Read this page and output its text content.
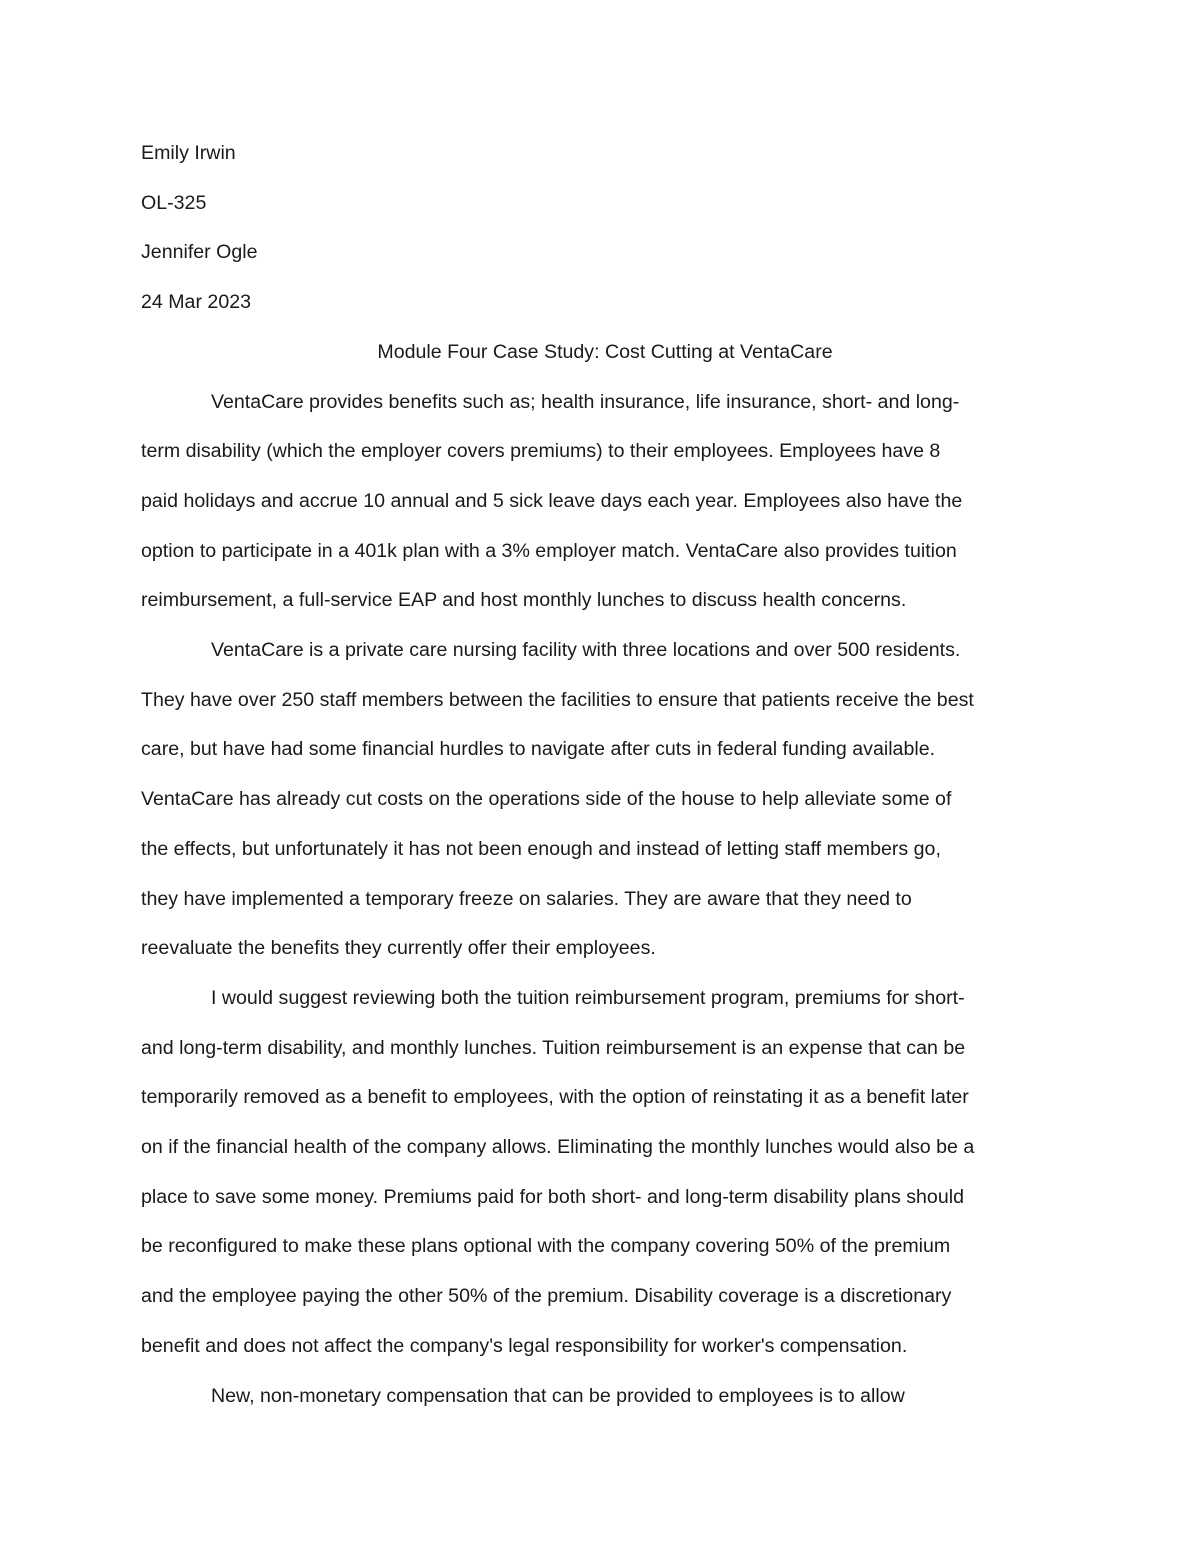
Emily Irwin
OL-325
Jennifer Ogle
24 Mar 2023
Module Four Case Study: Cost Cutting at VentaCare
VentaCare provides benefits such as; health insurance, life insurance, short- and long-
term disability (which the employer covers premiums) to their employees. Employees have 8
paid holidays and accrue 10 annual and 5 sick leave days each year. Employees also have the
option to participate in a 401k plan with a 3% employer match. VentaCare also provides tuition
reimbursement, a full-service EAP and host monthly lunches to discuss health concerns.
VentaCare is a private care nursing facility with three locations and over 500 residents.
They have over 250 staff members between the facilities to ensure that patients receive the best
care, but have had some financial hurdles to navigate after cuts in federal funding available.
VentaCare has already cut costs on the operations side of the house to help alleviate some of
the effects, but unfortunately it has not been enough and instead of letting staff members go,
they have implemented a temporary freeze on salaries. They are aware that they need to
reevaluate the benefits they currently offer their employees.
I would suggest reviewing both the tuition reimbursement program, premiums for short-
and long-term disability, and monthly lunches. Tuition reimbursement is an expense that can be
temporarily removed as a benefit to employees, with the option of reinstating it as a benefit later
on if the financial health of the company allows. Eliminating the monthly lunches would also be a
place to save some money. Premiums paid for both short- and long-term disability plans should
be reconfigured to make these plans optional with the company covering 50% of the premium
and the employee paying the other 50% of the premium. Disability coverage is a discretionary
benefit and does not affect the company's legal responsibility for worker's compensation.
New, non-monetary compensation that can be provided to employees is to allow
